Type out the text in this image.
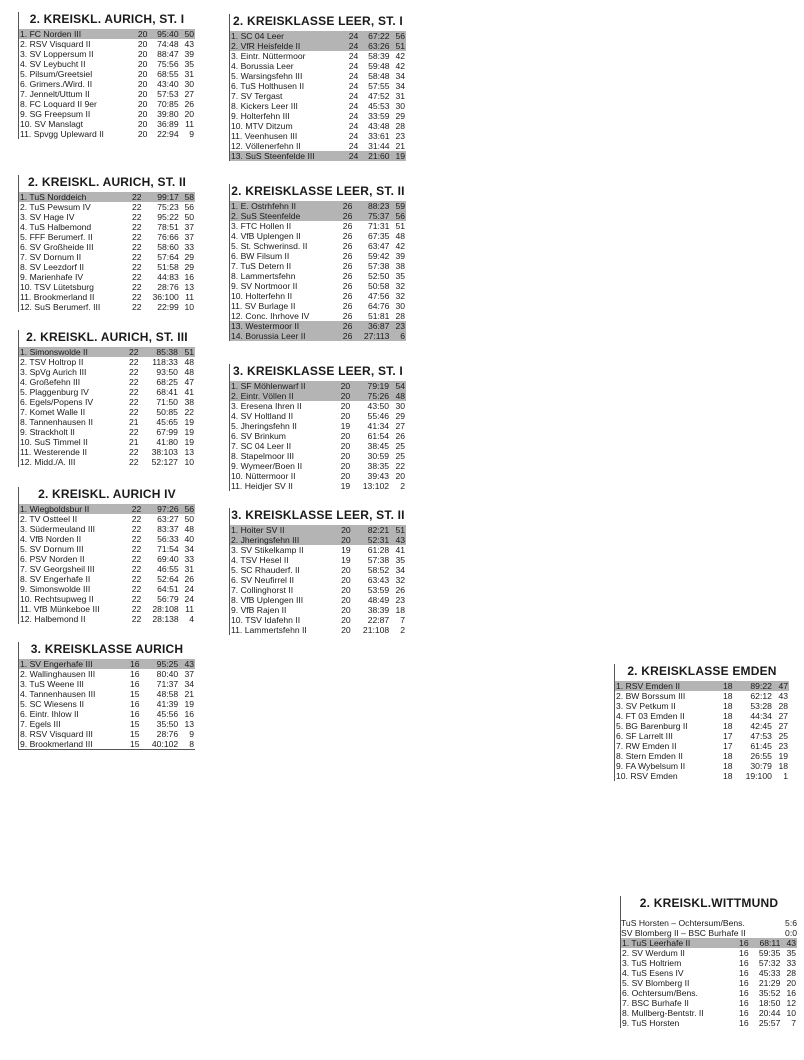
2. KREISKL. AURICH, ST. I
1. FC Norden III	20	95:40	50
2. RSV Visquard II	20	74:48	43
3. SV Loppersum II	20	88:47	39
4. SV Leybucht II	20	75:56	35
5. Pilsum/Greetsiel	20	68:55	31
6. Grimers./Wird. II	20	43:40	30
7. Jennelt/Uttum II	20	57:53	27
8. FC Loquard II 9er	20	70:85	26
9. SG Freepsum II	20	39:80	20
10. SV Manslagt	20	36:89	11
11. Spvgg Upleward II	20	22:94	9
2. KREISKL. AURICH, ST. II
1. TuS Norddeich	22	99:17	58
2. TuS Pewsum IV	22	75:23	56
3. SV Hage IV	22	95:22	50
4. TuS Halbemond	22	78:51	37
5. FFF Berumerf. II	22	76:66	37
6. SV Großheide III	22	58:60	33
7. SV Dornum II	22	57:64	29
8. SV Leezdorf II	22	51:58	29
9. Marienhafe IV	22	44:83	16
10. TSV Lütetsburg	22	28:76	13
11. Brookmerland II	22	36:100	11
12. SuS Berumerf. III	22	22:99	10
2. KREISKL. AURICH, ST. III
1. Simonswolde II	22	85:38	51
2. TSV Holtrop II	22	118:33	48
3. SpVg Aurich III	22	93:50	48
4. Großefehn III	22	68:25	47
5. Plaggenburg IV	22	68:41	41
6. Egels/Popens IV	22	71:50	38
7. Komet Walle II	22	50:85	22
8. Tannenhausen II	21	45:65	19
9. Strackholt II	22	67:99	19
10. SuS Timmel II	21	41:80	19
11. Westerende II	22	38:103	13
12. Midd./A. III	22	52:127	10
2. KREISKL. AURICH IV
1. Wiegboldsbur II	22	97:26	56
2. TV Ostteel II	22	63:27	50
3. Südermeuland III	22	83:37	48
4. VfB Norden II	22	56:33	40
5. SV Dornum III	22	71:54	34
6. PSV Norden II	22	69:40	33
7. SV Georgsheil III	22	46:55	31
8. SV Engerhafe II	22	52:64	26
9. Simonswolde III	22	64:51	24
10. Rechtsupweg II	22	56:79	24
11. VfB Münkeboe III	22	28:108	11
12. Halbemond II	22	28:138	4
3. KREISKLASSE AURICH
1. SV Engerhafe III	16	95:25	43
2. Wallinghausen III	16	80:40	37
3. TuS Weene III	16	71:37	34
4. Tannenhausen III	15	48:58	21
5. SC Wiesens II	16	41:39	19
6. Eintr. Ihlow II	16	45:56	16
7. Egels III	15	35:50	13
8. RSV Visquard III	15	28:76	9
9. Brookmerland III	15	40:102	8
2. KREISKLASSE LEER, ST. I
1. SC 04 Leer	24	67:22	56
2. VfR Heisfelde II	24	63:26	51
3. Eintr. Nüttermoor	24	58:39	42
4. Borussia Leer	24	59:48	42
5. Warsingsfehn III	24	58:48	34
6. TuS Holthusen II	24	57:55	34
7. SV Tergast	24	47:52	31
8. Kickers Leer III	24	45:53	30
9. Holterfehn III	24	33:59	29
10. MTV Ditzum	24	43:48	28
11. Veenhusen III	24	33:61	23
12. Völlenerfehn II	24	31:44	21
13. SuS Steenfelde III	24	21:60	19
2. KREISKLASSE LEER, ST. II
1. E. Ostrhfehn II	26	88:23	59
2. SuS Steenfelde	26	75:37	56
3. FTC Hollen II	26	71:31	51
4. VfB Uplengen II	26	67:35	48
5. St. Schwerinsd. II	26	63:47	42
6. BW Filsum II	26	59:42	39
7. TuS Detern II	26	57:38	38
8. Lammertsfehn	26	52:50	35
9. SV Nortmoor II	26	50:58	32
10. Holterfehn II	26	47:56	32
11. SV Burlage II	26	64:76	30
12. Conc. Ihrhove IV	26	51:81	28
13. Westermoor II	26	36:87	23
14. Borussia Leer II	26	27:113	6
3. KREISKLASSE LEER, ST. I
1. SF Möhlenwarf II	20	79:19	54
2. Eintr. Völlen II	20	75:26	48
3. Eresena Ihren II	20	43:50	30
4. SV Holtland II	20	55:46	29
5. Jheringsfehn II	19	41:34	27
6. SV Brinkum	20	61:54	26
7. SC 04 Leer II	20	38:45	25
8. Stapelmoor III	20	30:59	25
9. Wymeer/Boen II	20	38:35	22
10. Nüttermoor II	20	39:43	20
11. Heidjer SV II	19	13:102	2
3. KREISKLASSE LEER, ST. II
1. Hoiter SV II	20	82:21	51
2. Jheringsfehn III	20	52:31	43
3. SV Stikelkamp II	19	61:28	41
4. TSV Hesel II	19	57:38	35
5. SC Rhauderf. II	20	58:52	34
6. SV Neufirrel II	20	63:43	32
7. Collinghorst II	20	53:59	26
8. VfB Uplengen III	20	48:49	23
9. VfB Rajen II	20	38:39	18
10. TSV Idafehn II	20	22:87	7
11. Lammertsfehn II	20	21:108	2
2. KREISKLASSE EMDEN
1. RSV Emden II	18	89:22	47
2. BW Borssum III	18	62:12	43
3. SV Petkum II	18	53:28	28
4. FT 03 Emden II	18	44:34	27
5. BG Barenburg II	18	42:45	27
6. SF Larrelt III	17	47:53	25
7. RW Emden II	17	61:45	23
8. Stern Emden II	18	26:55	19
9. FA Wybelsum II	18	30:79	18
10. RSV Emden	18	19:100	1
2. KREISKL.WITTMUND
TuS Horsten – Ochtersum/Bens.	5:6
SV Blomberg II – BSC Burhafe II	0:0
1. TuS Leerhafe II	16	68:11	43
2. SV Werdum II	16	59:35	35
3. TuS Holtriem	16	57:32	33
4. TuS Esens IV	16	45:33	28
5. SV Blomberg II	16	21:29	20
6. Ochtersum/Bens.	16	35:52	16
7. BSC Burhafe II	16	18:50	12
8. Mullberg-Bentstr. II	16	20:44	10
9. TuS Horsten	16	25:57	7
